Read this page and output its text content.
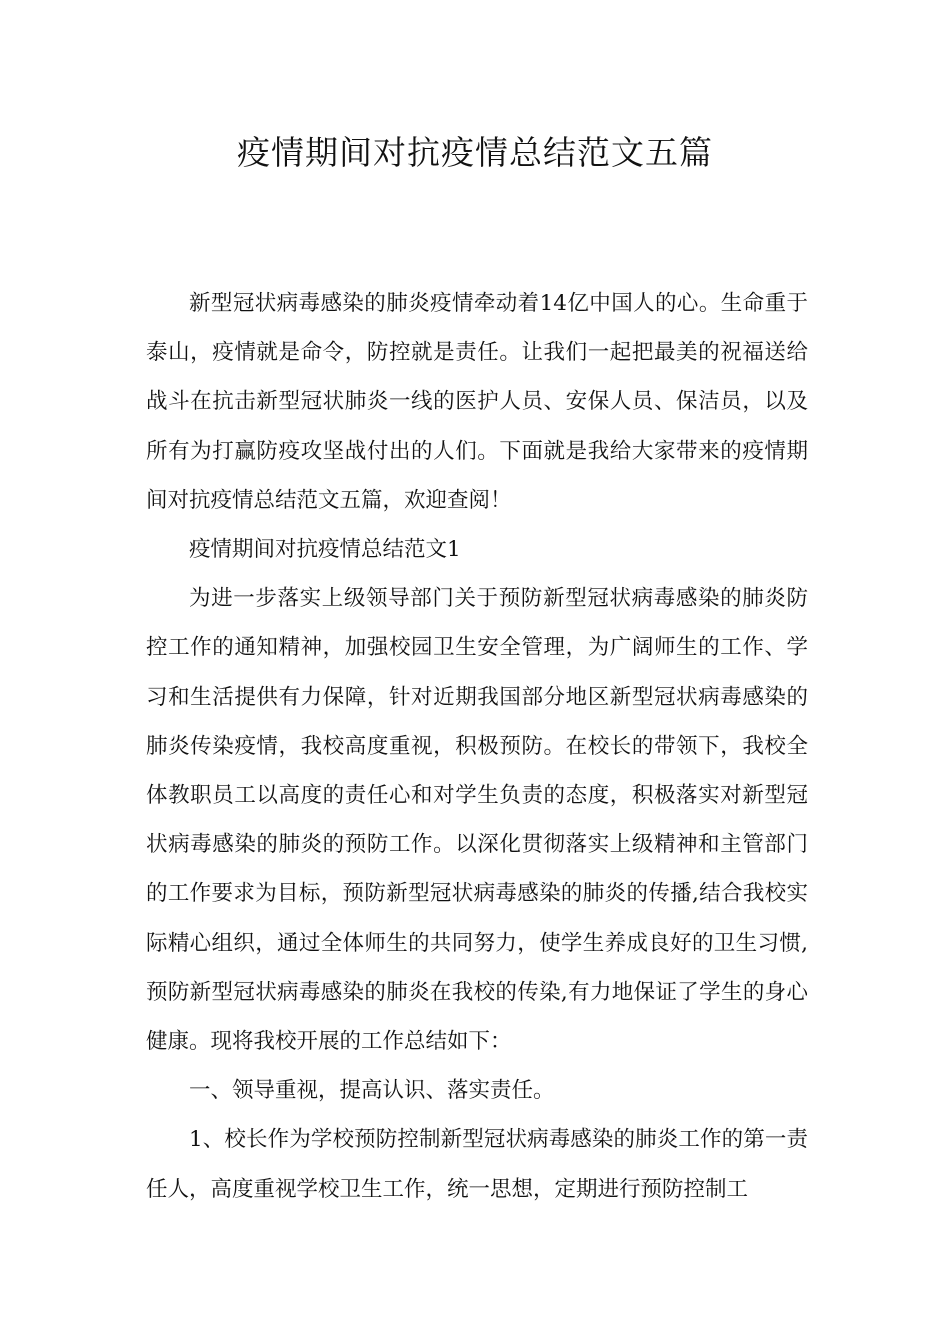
疫情期间对抗疫情总结范文五篇

新型冠状病毒感染的肺炎疫情牵动着14亿中国人的心。生命重于泰山，疫情就是命令，防控就是责任。让我们一起把最美的祝福送给战斗在抗击新型冠状肺炎一线的医护人员、安保人员、保洁员，以及所有为打赢防疫攻坚战付出的人们。下面就是我给大家带来的疫情期间对抗疫情总结范文五篇，欢迎查阅！

疫情期间对抗疫情总结范文1

为进一步落实上级领导部门关于预防新型冠状病毒感染的肺炎防控工作的通知精神，加强校园卫生安全管理，为广阔师生的工作、学习和生活提供有力保障，针对近期我国部分地区新型冠状病毒感染的肺炎传染疫情，我校高度重视，积极预防。在校长的带领下，我校全体教职员工以高度的责任心和对学生负责的态度，积极落实对新型冠状病毒感染的肺炎的预防工作。以深化贯彻落实上级精神和主管部门的工作要求为目标，预防新型冠状病毒感染的肺炎的传播,结合我校实际精心组织，通过全体师生的共同努力，使学生养成良好的卫生习惯,预防新型冠状病毒感染的肺炎在我校的传染,有力地保证了学生的身心健康。现将我校开展的工作总结如下：

一、领导重视，提高认识、落实责任。

1、校长作为学校预防控制新型冠状病毒感染的肺炎工作的第一责任人，高度重视学校卫生工作，统一思想，定期进行预防控制工
